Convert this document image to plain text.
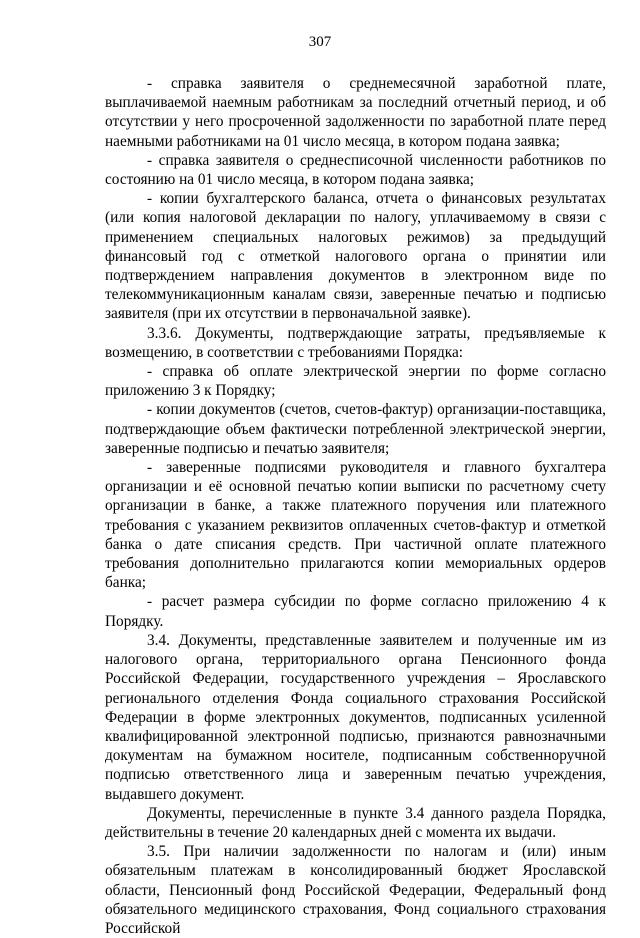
307

- справка заявителя о среднемесячной заработной плате, выплачиваемой наемным работникам за последний отчетный период, и об отсутствии у него просроченной задолженности по заработной плате перед наемными работниками на 01 число месяца, в котором подана заявка;

- справка заявителя о среднесписочной численности работников по состоянию на 01 число месяца, в котором подана заявка;

- копии бухгалтерского баланса, отчета о финансовых результатах (или копия налоговой декларации по налогу, уплачиваемому в связи с применением специальных налоговых режимов) за предыдущий финансовый год с отметкой налогового органа о принятии или подтверждением направления документов в электронном виде по телекоммуникационным каналам связи, заверенные печатью и подписью заявителя (при их отсутствии в первоначальной заявке).

3.3.6. Документы, подтверждающие затраты, предъявляемые к возмещению, в соответствии с требованиями Порядка:

- справка об оплате электрической энергии по форме согласно приложению 3 к Порядку;

- копии документов (счетов, счетов-фактур) организации-поставщика, подтверждающие объем фактически потребленной электрической энергии, заверенные подписью и печатью заявителя;

- заверенные подписями руководителя и главного бухгалтера организации и её основной печатью копии выписки по расчетному счету организации в банке, а также платежного поручения или платежного требования с указанием реквизитов оплаченных счетов-фактур и отметкой банка о дате списания средств. При частичной оплате платежного требования дополнительно прилагаются копии мемориальных ордеров банка;

- расчет размера субсидии по форме согласно приложению 4 к Порядку.

3.4. Документы, представленные заявителем и полученные им из налогового органа, территориального органа Пенсионного фонда Российской Федерации, государственного учреждения – Ярославского регионального отделения Фонда социального страхования Российской Федерации в форме электронных документов, подписанных усиленной квалифицированной электронной подписью, признаются равнозначными документам на бумажном носителе, подписанным собственноручной подписью ответственного лица и заверенным печатью учреждения, выдавшего документ.

Документы, перечисленные в пункте 3.4 данного раздела Порядка, действительны в течение 20 календарных дней с момента их выдачи.

3.5. При наличии задолженности по налогам и (или) иным обязательным платежам в консолидированный бюджет Ярославской области, Пенсионный фонд Российской Федерации, Федеральный фонд обязательного медицинского страхования, Фонд социального страхования Российской
